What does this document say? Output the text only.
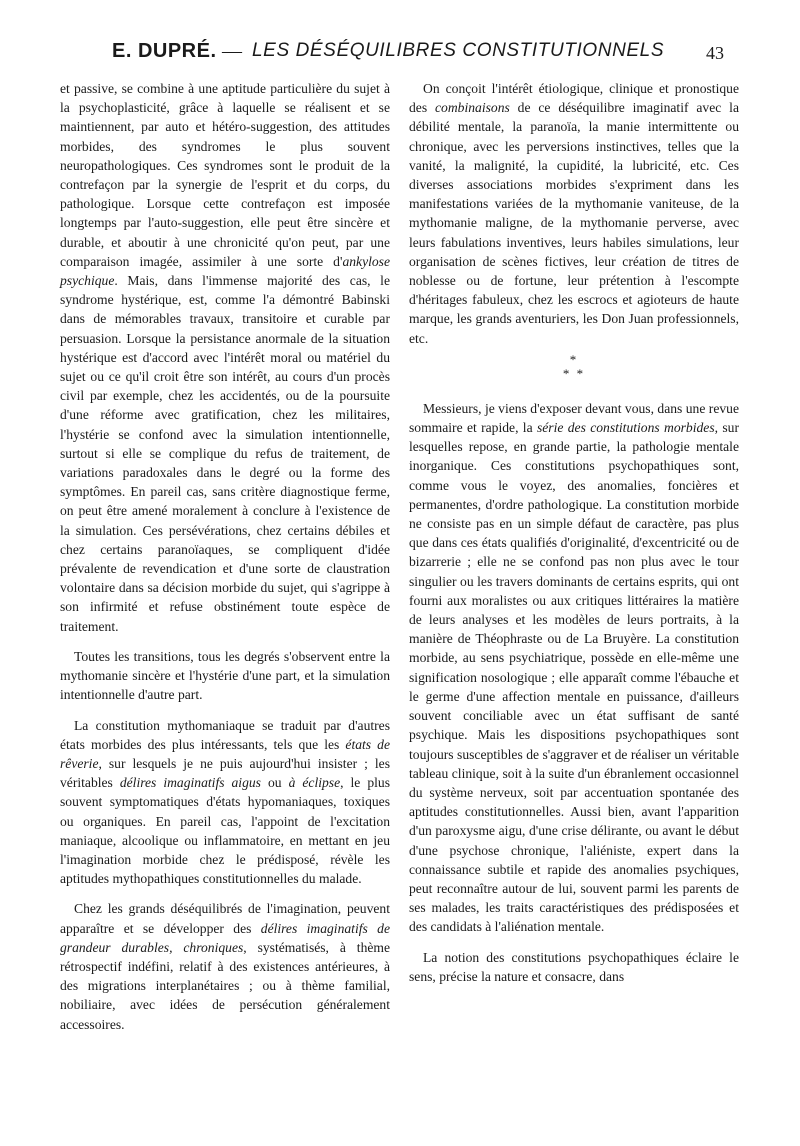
E. DUPRÉ. — LES DÉSÉQUILIBRES CONSTITUTIONNELS 43

et passive, se combine à une aptitude particulière du sujet à la psychoplasticité, grâce à laquelle se réalisent et se maintiennent, par auto et hétéro-suggestion, des attitudes morbides, des syndromes le plus souvent neuropathologiques. Ces syndromes sont le produit de la contrefaçon par la synergie de l'esprit et du corps, du pathologique. Lorsque cette contrefaçon est imposée longtemps par l'auto-suggestion, elle peut être sincère et durable, et aboutir à une chronicité qu'on peut, par une comparaison imagée, assimiler à une sorte d'ankylose psychique. Mais, dans l'immense majorité des cas, le syndrome hystérique, est, comme l'a démontré Babinski dans de mémorables travaux, transitoire et curable par persuasion. Lorsque la persistance anormale de la situation hystérique est d'accord avec l'intérêt moral ou matériel du sujet ou ce qu'il croit être son intérêt, au cours d'un procès civil par exemple, chez les accidentés, ou de la poursuite d'une réforme avec gratification, chez les militaires, l'hystérie se confond avec la simulation intentionnelle, surtout si elle se complique du refus de traitement, de variations paradoxales dans le degré ou la forme des symptômes. En pareil cas, sans critère diagnostique ferme, on peut être amené moralement à conclure à l'existence de la simulation. Ces persévérations, chez certains débiles et chez certains paranoïaques, se compliquent d'idée prévalente de revendication et d'une sorte de claustration volontaire dans sa décision morbide du sujet, qui s'agrippe à son infirmité et refuse obstinément toute espèce de traitement.

Toutes les transitions, tous les degrés s'observent entre la mythomanie sincère et l'hystérie d'une part, et la simulation intentionnelle d'autre part.

La constitution mythomaniaque se traduit par d'autres états morbides des plus intéressants, tels que les états de rêverie, sur lesquels je ne puis aujourd'hui insister ; les véritables délires imaginatifs aigus ou à éclipse, le plus souvent symptomatiques d'états hypomaniaques, toxiques ou organiques. En pareil cas, l'appoint de l'excitation maniaque, alcoolique ou inflammatoire, en mettant en jeu l'imagination morbide chez le prédisposé, révèle les aptitudes mythopathiques constitutionnelles du malade.

Chez les grands déséquilibrés de l'imagination, peuvent apparaître et se développer des délires imaginatifs de grandeur durables, chroniques, systématisés, à thème rétrospectif indéfini, relatif à des existences antérieures, à des migrations interplanétaires ; ou à thème familial, nobiliaire, avec idées de persécution généralement accessoires.

On conçoit l'intérêt étiologique, clinique et pronostique des combinaisons de ce déséquilibre imaginatif avec la débilité mentale, la paranoïa, la manie intermittente ou chronique, avec les perversions instinctives, telles que la vanité, la malignité, la cupidité, la lubricité, etc. Ces diverses associations morbides s'expriment dans les manifestations variées de la mythomanie vaniteuse, de la mythomanie maligne, de la mythomanie perverse, avec leurs fabulations inventives, leurs habiles simulations, leur organisation de scènes fictives, leur création de titres de noblesse ou de fortune, leur prétention à l'escompte d'héritages fabuleux, chez les escrocs et agioteurs de haute marque, les grands aventuriers, les Don Juan professionnels, etc.

*
* *

Messieurs, je viens d'exposer devant vous, dans une revue sommaire et rapide, la série des constitutions morbides, sur lesquelles repose, en grande partie, la pathologie mentale inorganique. Ces constitutions psychopathiques sont, comme vous le voyez, des anomalies, foncières et permanentes, d'ordre pathologique. La constitution morbide ne consiste pas en un simple défaut de caractère, pas plus que dans ces états qualifiés d'originalité, d'excentricité ou de bizarrerie ; elle ne se confond pas non plus avec le tour singulier ou les travers dominants de certains esprits, qui ont fourni aux moralistes ou aux critiques littéraires la matière de leurs analyses et les modèles de leurs portraits, à la manière de Théophraste ou de La Bruyère. La constitution morbide, au sens psychiatrique, possède en elle-même une signification nosologique ; elle apparaît comme l'ébauche et le germe d'une affection mentale en puissance, d'ailleurs souvent conciliable avec un état suffisant de santé psychique. Mais les dispositions psychopathiques sont toujours susceptibles de s'aggraver et de réaliser un véritable tableau clinique, soit à la suite d'un ébranlement occasionnel du système nerveux, soit par accentuation spontanée des aptitudes constitutionnelles. Aussi bien, avant l'apparition d'un paroxysme aigu, d'une crise délirante, ou avant le début d'une psychose chronique, l'aliéniste, expert dans la connaissance subtile et rapide des anomalies psychiques, peut reconnaître autour de lui, souvent parmi les parents de ses malades, les traits caractéristiques des prédisposées et des candidats à l'aliénation mentale.

La notion des constitutions psychopathiques éclaire le sens, précise la nature et consacre, dans
